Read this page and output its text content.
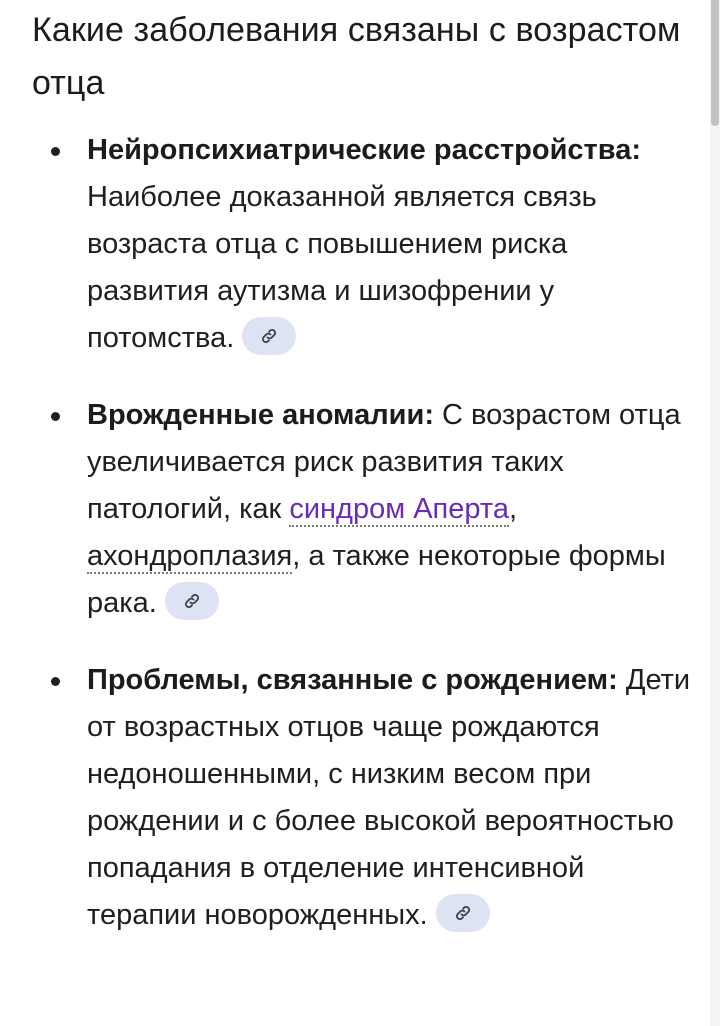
Какие заболевания связаны с возрастом отца
Нейропсихиатрические расстройства: Наиболее доказанной является связь возраста отца с повышением риска развития аутизма и шизофрении у потомства.
Врожденные аномалии: С возрастом отца увеличивается риск развития таких патологий, как синдром Аперта, ахондроплазия, а также некоторые формы рака.
Проблемы, связанные с рождением: Дети от возрастных отцов чаще рождаются недоношенными, с низким весом при рождении и с более высокой вероятностью попадания в отделение интенсивной терапии новорожденных.
